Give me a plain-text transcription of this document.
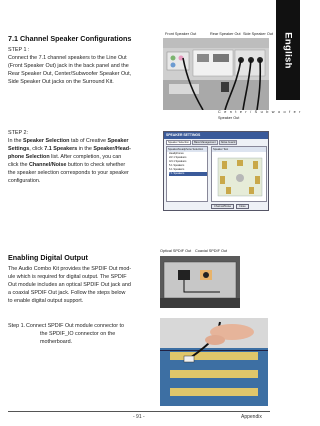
English
7.1 Channel Speaker Configurations
STEP 1 :
Connect the 7.1 channel speakers to the Line Out
(Front Speaker Out) jack in the back panel and the
Rear Speaker Out, Center/Subwoofer Speaker Out,
Side Speaker Out jacks on the Surround Kit.
Front Speaker Out	Rear Speaker Out Side Speaker Out
C e n t e r / S u b w o o f e r
Speaker Out
STEP 2:
In the Speaker Selection tab of Creative Speaker
Settings, click 7.1 Speakers in the Speaker/Head-
phone Selection list. After completion, you can
click the Channel/Noise button to check whether
the speaker selection corresponds to your speaker
configuration.
SPEAKER SETTINGS
Speaker Selection	Bass Management	Noise Guard
Speaker/Headphone Selection
Headphones
2/2.1 Speakers
4/4.1 Speakers
5.1 Speakers
6.1 Speakers
7.1 Speakers
Speaker Test
Channel/Noise	Close
Enabling Digital Output
The Audio Combo Kit provides the SPDIF Out mod-
ule which is required for digital output. The SPDIF
Out module includes an optical SPDIF Out jack and
a coaxial SPDIF Out jack. Follow the steps below
to enable digital output support.
Step 1. Connect SPDIF Out module connector to
the SPDIF_IO connector on the
motherboard.
Optical SPDIF Out Coaxial SPDIF Out
- 91 -	Appendix
